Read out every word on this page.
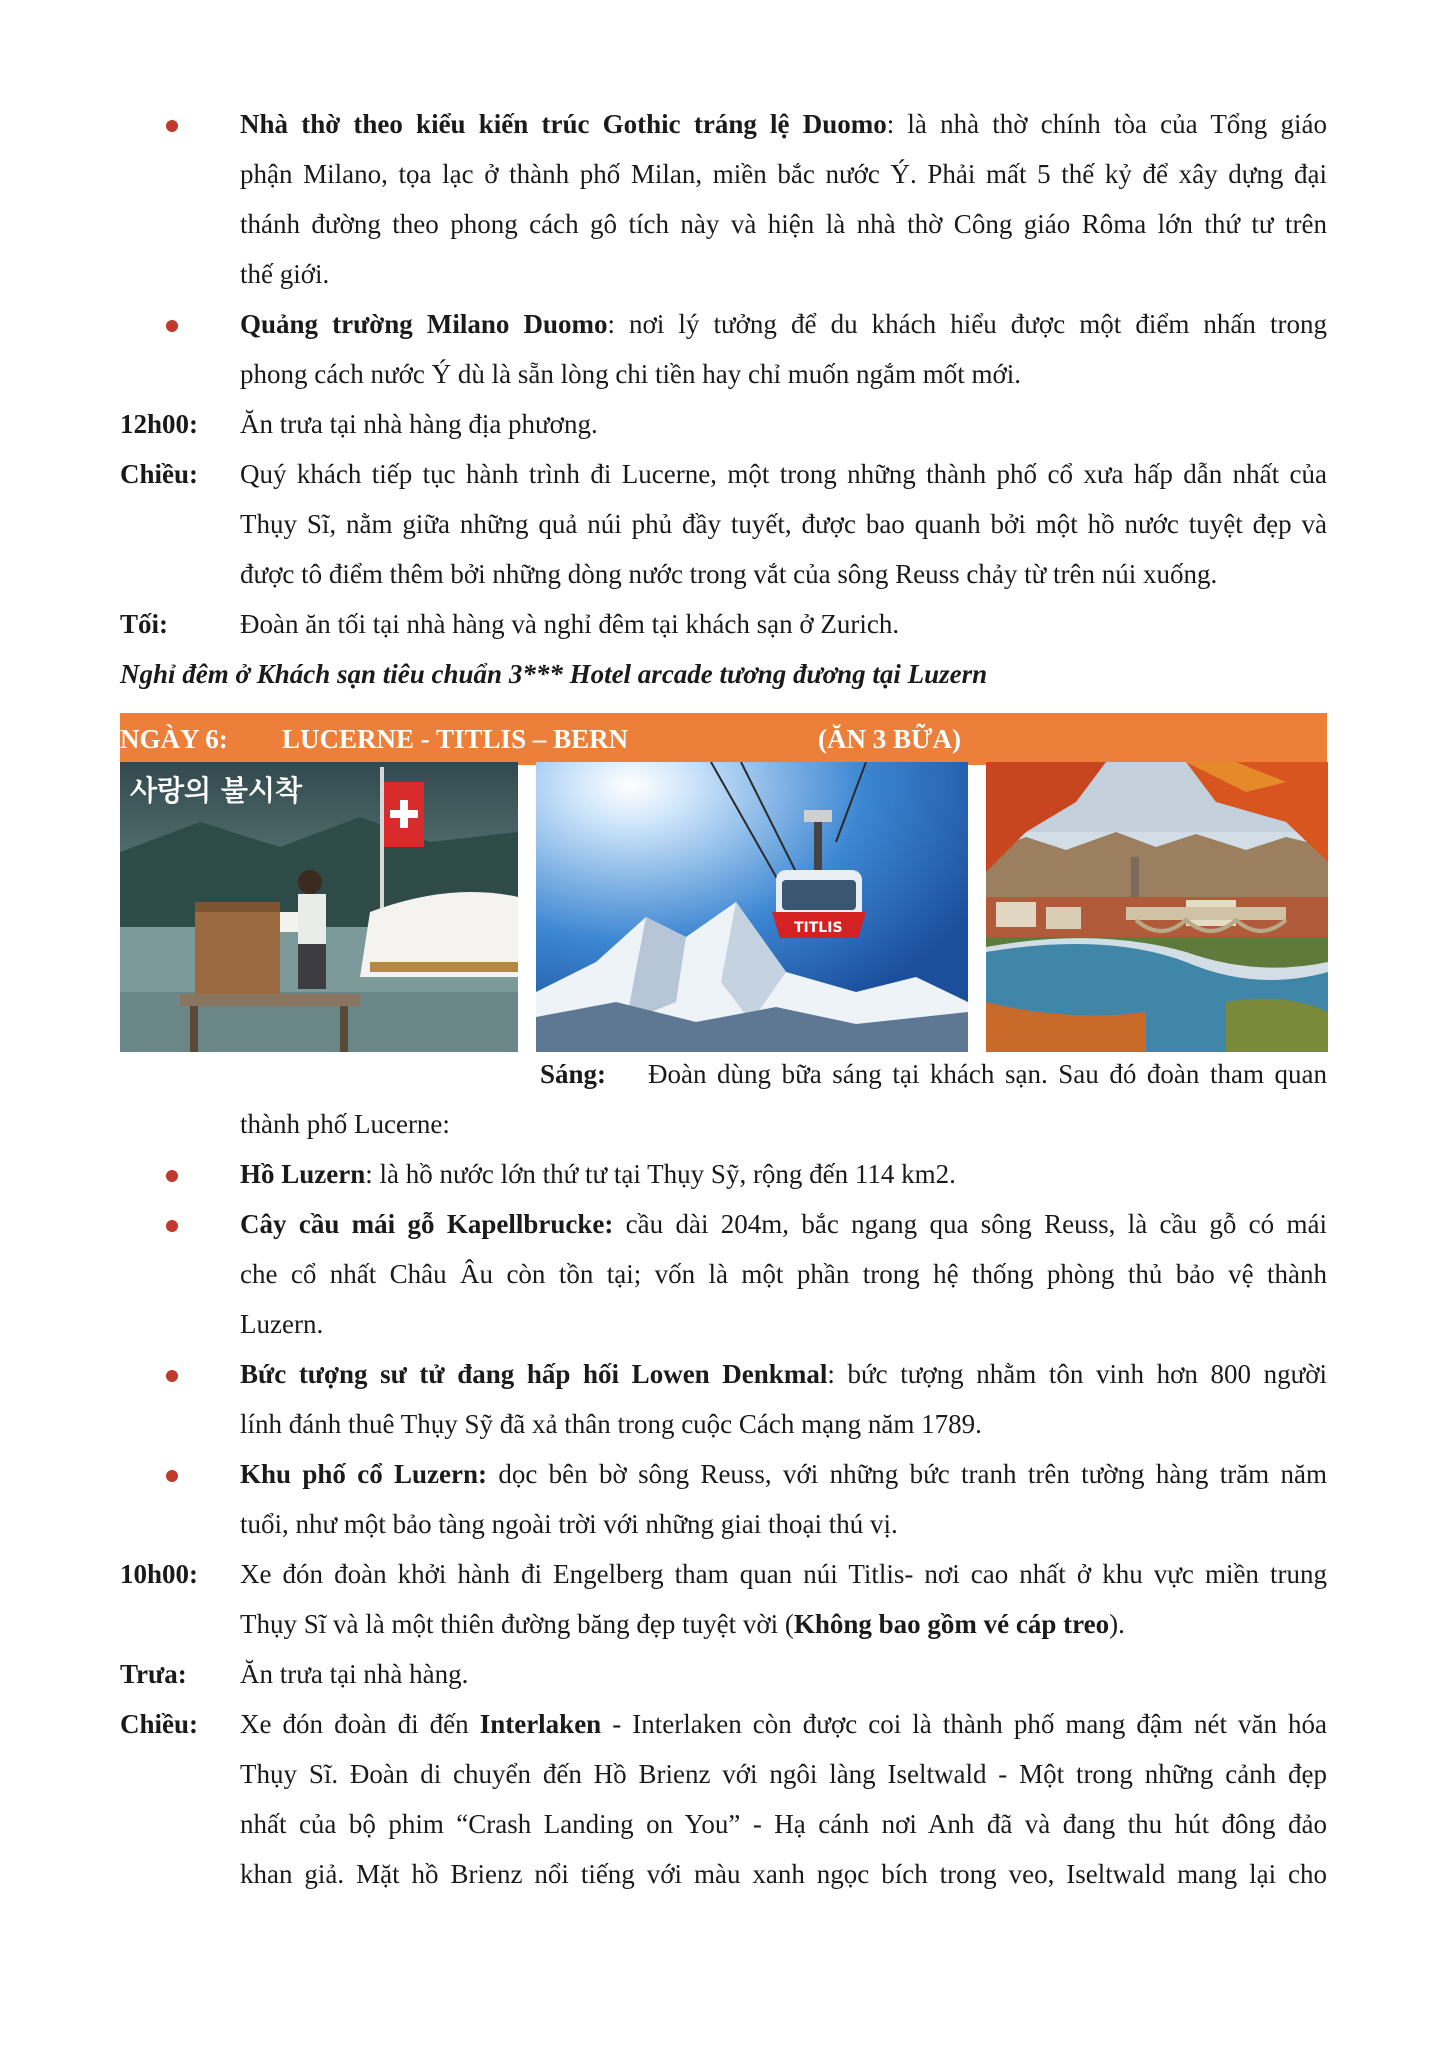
Nhà thờ theo kiểu kiến trúc Gothic tráng lệ Duomo: là nhà thờ chính tòa của Tổng giáo
phận Milano, tọa lạc ở thành phố Milan, miền bắc nước Ý. Phải mất 5 thế kỷ để xây dựng đại
thánh đường theo phong cách gô tích này và hiện là nhà thờ Công giáo Rôma lớn thứ tư trên
thế giới.
Quảng trường Milano Duomo: nơi lý tưởng để du khách hiểu được một điểm nhấn trong
phong cách nước Ý dù là sẵn lòng chi tiền hay chỉ muốn ngắm mốt mới.
12h00: Ăn trưa tại nhà hàng địa phương.
Chiều: Quý khách tiếp tục hành trình đi Lucerne, một trong những thành phố cổ xưa hấp dẫn nhất của
Thụy Sĩ, nằm giữa những quả núi phủ đầy tuyết, được bao quanh bởi một hồ nước tuyệt đẹp và
được tô điểm thêm bởi những dòng nước trong vắt của sông Reuss chảy từ trên núi xuống.
Tối:	Đoàn ăn tối tại nhà hàng và nghỉ đêm tại khách sạn ở Zurich.
Nghỉ đêm ở Khách sạn tiêu chuẩn 3*** Hotel arcade tương đương tại Luzern
NGÀY 6: LUCERNE - TITLIS – BERN	(ĂN 3 BỮA)
사랑의 불시착
TITLIS
Sáng: Đoàn dùng bữa sáng tại khách sạn. Sau đó đoàn tham quan
thành phố Lucerne:
Hồ Luzern: là hồ nước lớn thứ tư tại Thụy Sỹ, rộng đến 114 km2.
Cây cầu mái gỗ Kapellbrucke: cầu dài 204m, bắc ngang qua sông Reuss, là cầu gỗ có mái
che cổ nhất Châu Âu còn tồn tại; vốn là một phần trong hệ thống phòng thủ bảo vệ thành
Luzern.
Bức tượng sư tử đang hấp hối Lowen Denkmal: bức tượng nhằm tôn vinh hơn 800 người
lính đánh thuê Thụy Sỹ đã xả thân trong cuộc Cách mạng năm 1789.
Khu phố cổ Luzern: dọc bên bờ sông Reuss, với những bức tranh trên tường hàng trăm năm
tuổi, như một bảo tàng ngoài trời với những giai thoại thú vị.
10h00: Xe đón đoàn khởi hành đi Engelberg tham quan núi Titlis- nơi cao nhất ở khu vực miền trung
Thụy Sĩ và là một thiên đường băng đẹp tuyệt vời (Không bao gồm vé cáp treo).
Trưa: Ăn trưa tại nhà hàng.
Chiều: Xe đón đoàn đi đến Interlaken - Interlaken còn được coi là thành phố mang đậm nét văn hóa
Thụy Sĩ. Đoàn di chuyển đến Hồ Brienz với ngôi làng Iseltwald - Một trong những cảnh đẹp
nhất của bộ phim “Crash Landing on You” - Hạ cánh nơi Anh đã và đang thu hút đông đảo
khan giả. Mặt hồ Brienz nổi tiếng với màu xanh ngọc bích trong veo, Iseltwald mang lại cho
